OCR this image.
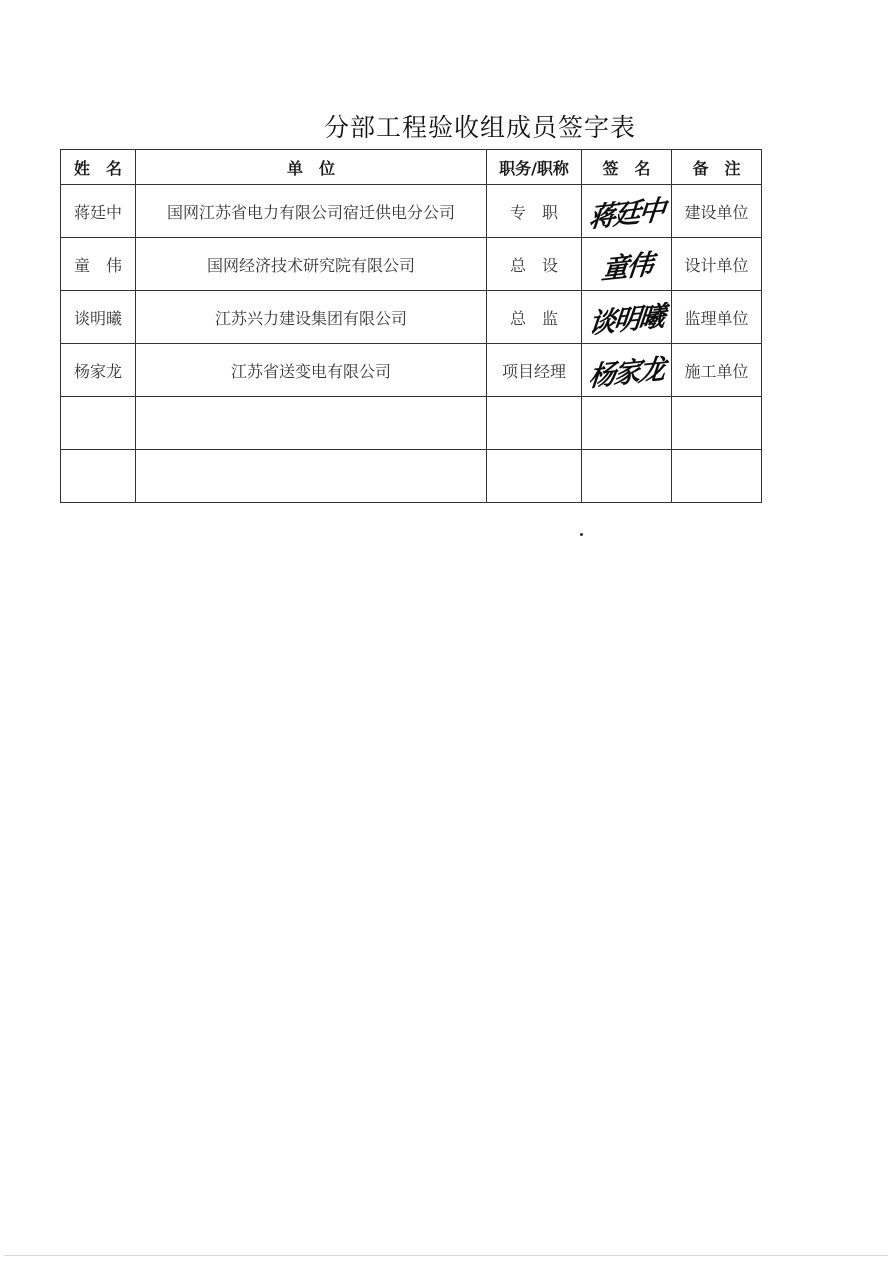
分部工程验收组成员签字表
姓　名	单　位	职务/职称	签　名	备　注
蒋廷中	国网江苏省电力有限公司宿迁供电分公司	专　职	蒋廷中	建设单位
童　伟	国网经济技术研究院有限公司	总　设	童伟	设计单位
谈明曦	江苏兴力建设集团有限公司	总　监	谈明曦	监理单位
杨家龙	江苏省送变电有限公司	项目经理	杨家龙	施工单位
